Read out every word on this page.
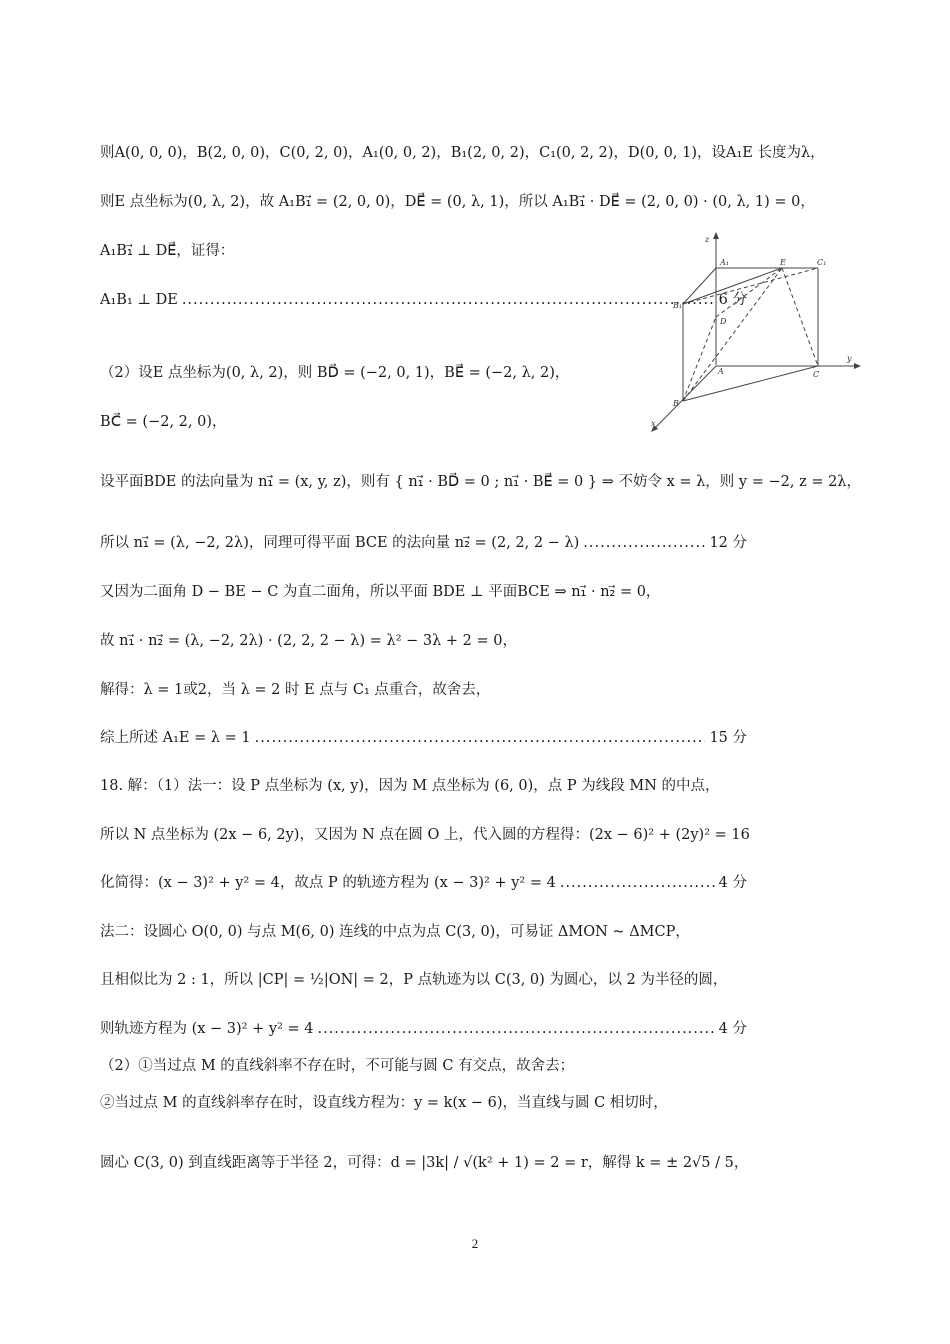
则A(0, 0, 0)，B(2, 0, 0)，C(0, 2, 0)，A₁(0, 0, 2)，B₁(2, 0, 2)，C₁(0, 2, 2)，D(0, 0, 1)，设A₁E 长度为λ，
则E 点坐标为(0, λ, 2)，故 A₁B₁⃗ = (2, 0, 0)，DE⃗ = (0, λ, 1)，所以 A₁B₁⃗ · DE⃗ = (2, 0, 0) · (0, λ, 1) = 0，
A₁B₁⃗ ⊥ DE⃗，证得：
A₁B₁ ⊥ DE .....	6 分
（2）设E 点坐标为(0, λ, 2)，则 BD⃗ = (−2, 0, 1)，BE⃗ = (−2, λ, 2)，
BC⃗ = (−2, 2, 0)，
设平面BDE 的法向量为 n₁⃗ = (x, y, z)，则有 { n₁⃗ · BD⃗ = 0 ; n₁⃗ · BE⃗ = 0 } ⇒ 不妨令 x = λ，则 y = −2, z = 2λ，
所以 n₁⃗ = (λ, −2, 2λ)，同理可得平面 BCE 的法向量 n₂⃗ = (2, 2, 2 − λ) .....	12 分
又因为二面角 D − BE − C 为直二面角，所以平面 BDE ⊥ 平面BCE ⇒ n₁⃗ · n₂⃗ = 0，
故 n₁⃗ · n₂⃗ = (λ, −2, 2λ) · (2, 2, 2 − λ) = λ² − 3λ + 2 = 0，
解得：λ = 1或2，当 λ = 2 时 E 点与 C₁ 点重合，故舍去，
综上所述 A₁E = λ = 1 .....	15 分
18. 解：（1）法一：设 P 点坐标为 (x, y)，因为 M 点坐标为 (6, 0)，点 P 为线段 MN 的中点，
所以 N 点坐标为 (2x − 6, 2y)，又因为 N 点在圆 O 上，代入圆的方程得：(2x − 6)² + (2y)² = 16
化简得：(x − 3)² + y² = 4，故点 P 的轨迹方程为 (x − 3)² + y² = 4 .....	4 分
法二：设圆心 O(0, 0) 与点 M(6, 0) 连线的中点为点 C(3, 0)，可易证 ΔMON ~ ΔMCP，
且相似比为 2 : 1，所以 |CP| = ½|ON| = 2，P 点轨迹为以 C(3, 0) 为圆心，以 2 为半径的圆，
则轨迹方程为 (x − 3)² + y² = 4 .....	4 分
（2）①当过点 M 的直线斜率不存在时，不可能与圆 C 有交点，故舍去；
②当过点 M 的直线斜率存在时，设直线方程为：y = k(x − 6)，当直线与圆 C 相切时，
圆心 C(3, 0) 到直线距离等于半径 2，可得：d = |3k| / √(k² + 1) = 2 = r，解得 k = ± 2√5 / 5，
z
A₁	E	C₁
B₁
D
y
A	C
B
x
2
